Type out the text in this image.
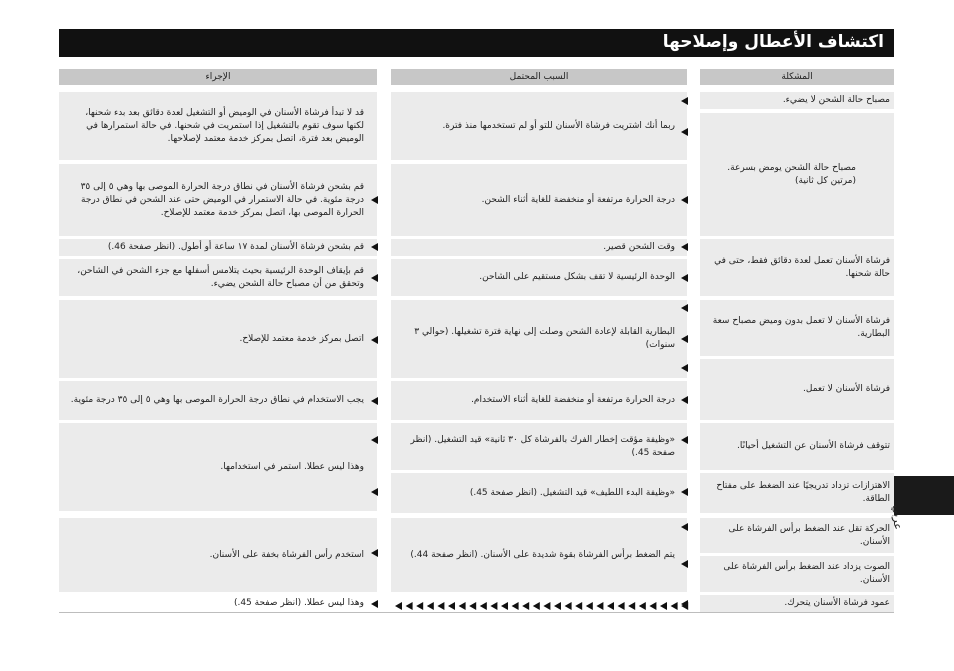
اكتشاف الأعطال وإصلاحها
الإجراء	السبب المحتمل	المشكلة
مصباح حالة الشحن لا يضيء.
مصباح حالة الشحن يومض بسرعة. (مرتين كل ثانية)
فرشاة الأسنان تعمل لعدة دقائق فقط، حتى في حالة شحنها.
فرشاة الأسنان لا تعمل بدون وميض مصباح سعة البطارية.
فرشاة الأسنان لا تعمل.
تتوقف فرشاة الأسنان عن التشغيل أحيانًا.
الاهتزازات تزداد تدريجيًا عند الضغط على مفتاح الطاقة.
الحركة تقل عند الضغط برأس الفرشاة على الأسنان.
الصوت يزداد عند الضغط برأس الفرشاة على الأسنان.
عمود فرشاة الأسنان يتحرك.
ربما أنك اشتريت فرشاة الأسنان للتو أو لم تستخدمها منذ فترة.
درجة الحرارة مرتفعة أو منخفضة للغاية أثناء الشحن.
وقت الشحن قصير.
الوحدة الرئيسية لا تقف بشكل مستقيم على الشاحن.
البطارية القابلة لإعادة الشحن وصلت إلى نهاية فترة تشغيلها. (حوالي ٣ سنوات)
درجة الحرارة مرتفعة أو منخفضة للغاية أثناء الاستخدام.
«وظيفة مؤقت إخطار الفرك بالفرشاة كل ٣٠ ثانية» قيد التشغيل. (انظر صفحة 45.)
«وظيفة البدء اللطيف» قيد التشغيل. (انظر صفحة 45.)
يتم الضغط برأس الفرشاة بقوة شديدة على الأسنان. (انظر صفحة 44.)
قد لا تبدأ فرشاة الأسنان في الوميض أو التشغيل لعدة دقائق بعد بدء شحنها، لكنها سوف تقوم بالتشغيل إذا استمريت في شحنها. في حالة استمرارها في الوميض بعد فترة، اتصل بمركز خدمة معتمد لإصلاحها.
قم بشحن فرشاة الأسنان في نطاق درجة الحرارة الموصى بها وهي ٥ إلى ٣٥ درجة مئوية. في حالة الاستمرار في الوميض حتى عند الشحن في نطاق درجة الحرارة الموصى بها، اتصل بمركز خدمة معتمد للإصلاح.
قم بشحن فرشاة الأسنان لمدة ١٧ ساعة أو أطول. (انظر صفحة 46.)
قم بإيقاف الوحدة الرئيسية بحيث يتلامس أسفلها مع جزء الشحن في الشاحن، وتحقق من أن مصباح حالة الشحن يضيء.
اتصل بمركز خدمة معتمد للإصلاح.
يجب الاستخدام في نطاق درجة الحرارة الموصى بها وهي ٥ إلى ٣٥ درجة مئوية.
وهذا ليس عطلا. استمر في استخدامها.
استخدم رأس الفرشاة بخفة على الأسنان.
وهذا ليس عطلا. (انظر صفحة 45.)
عربي
